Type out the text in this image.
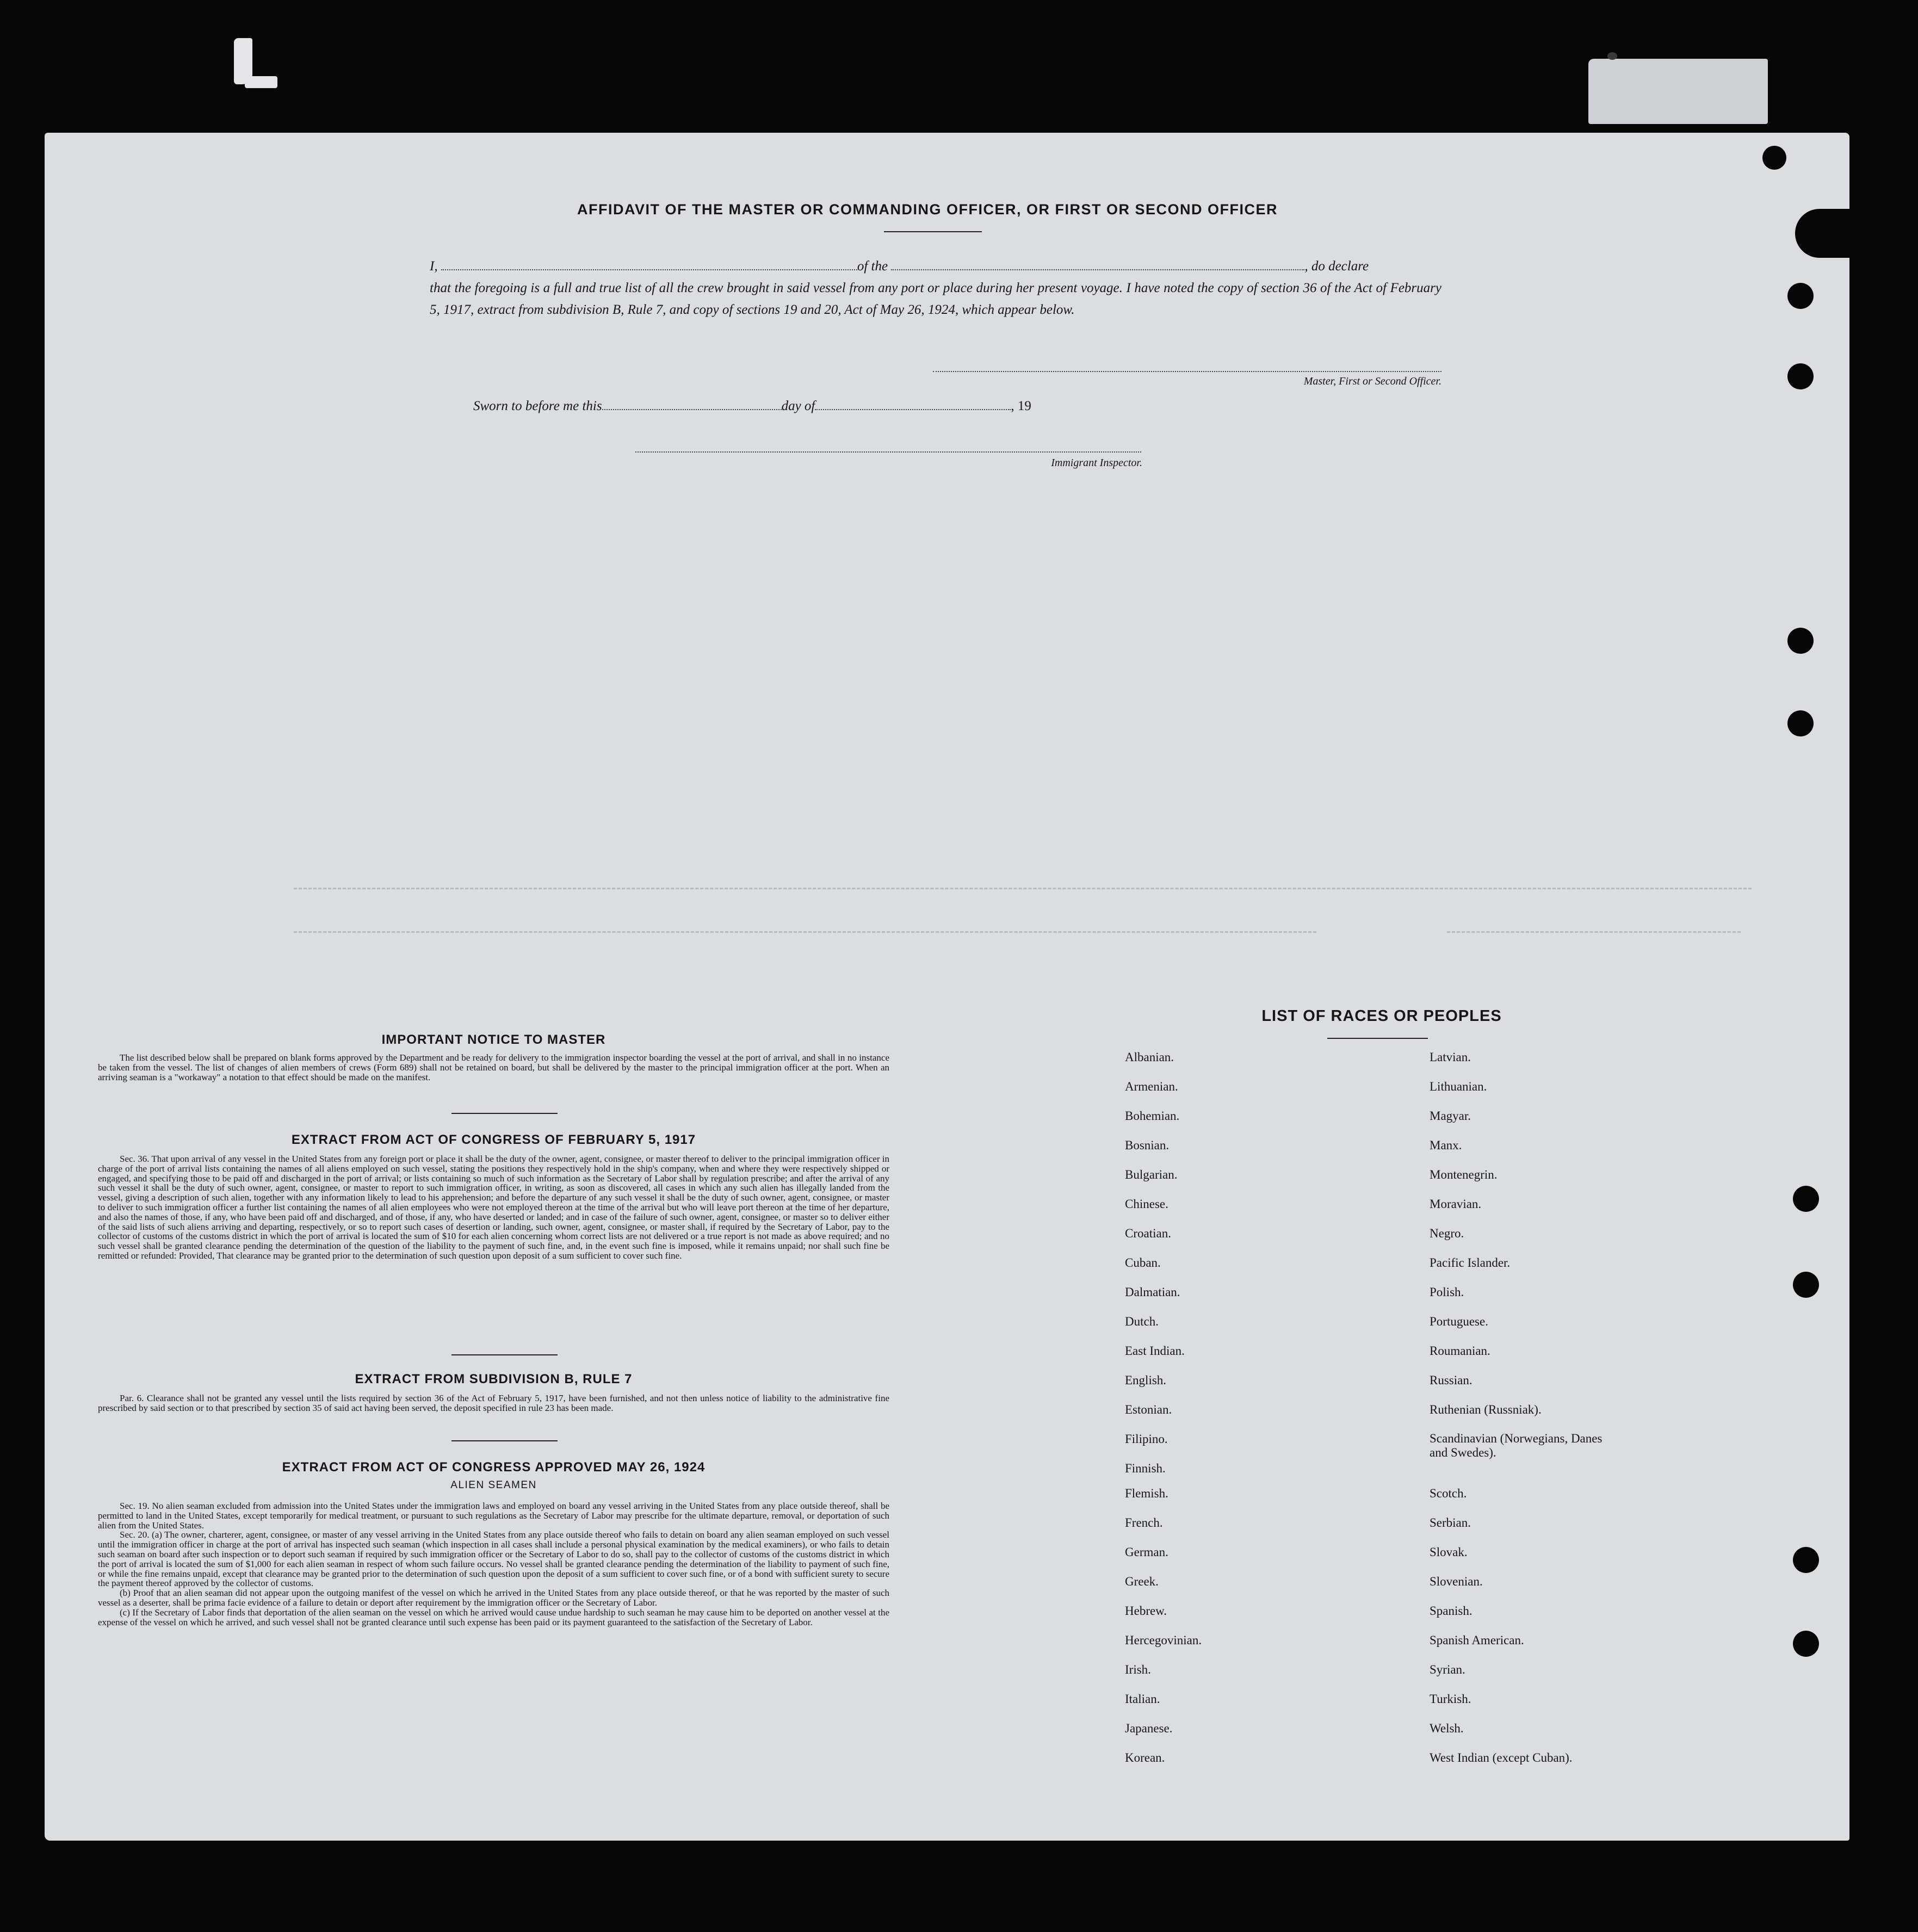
AFFIDAVIT OF THE MASTER OR COMMANDING OFFICER, OR FIRST OR SECOND OFFICER
I,	of the	, do declare
that the foregoing is a full and true list of all the crew brought in said vessel from any port or place during her present voyage. I have noted the copy of section 36 of the Act of February 5, 1917, extract from subdivision B, Rule 7, and copy of sections 19 and 20, Act of May 26, 1924, which appear below.
Master, First or Second Officer.
Sworn to before me this	day of	, 19
Immigrant Inspector.
IMPORTANT NOTICE TO MASTER

The list described below shall be prepared on blank forms approved by the Department and be ready for delivery to the immigration inspector boarding the vessel at the port of arrival, and shall in no instance be taken from the vessel. The list of changes of alien members of crews (Form 689) shall not be retained on board, but shall be delivered by the master to the principal immigration officer at the port. When an arriving seaman is a "workaway" a notation to that effect should be made on the manifest.

EXTRACT FROM ACT OF CONGRESS OF FEBRUARY 5, 1917

Sec. 36. That upon arrival of any vessel in the United States from any foreign port or place it shall be the duty of the owner, agent, consignee, or master thereof to deliver to the principal immigration officer in charge of the port of arrival lists containing the names of all aliens employed on such vessel, stating the positions they respectively hold in the ship's company, when and where they were respectively shipped or engaged, and specifying those to be paid off and discharged in the port of arrival; or lists containing so much of such information as the Secretary of Labor shall by regulation prescribe; and after the arrival of any such vessel it shall be the duty of such owner, agent, consignee, or master to report to such immigration officer, in writing, as soon as discovered, all cases in which any such alien has illegally landed from the vessel, giving a description of such alien, together with any information likely to lead to his apprehension; and before the departure of any such vessel it shall be the duty of such owner, agent, consignee, or master to deliver to such immigration officer a further list containing the names of all alien employees who were not employed thereon at the time of the arrival but who will leave port thereon at the time of her departure, and also the names of those, if any, who have been paid off and discharged, and of those, if any, who have deserted or landed; and in case of the failure of such owner, agent, consignee, or master so to deliver either of the said lists of such aliens arriving and departing, respectively, or so to report such cases of desertion or landing, such owner, agent, consignee, or master shall, if required by the Secretary of Labor, pay to the collector of customs of the customs district in which the port of arrival is located the sum of $10 for each alien concerning whom correct lists are not delivered or a true report is not made as above required; and no such vessel shall be granted clearance pending the determination of the question of the liability to the payment of such fine, and, in the event such fine is imposed, while it remains unpaid; nor shall such fine be remitted or refunded: Provided, That clearance may be granted prior to the determination of such question upon deposit of a sum sufficient to cover such fine.

EXTRACT FROM SUBDIVISION B, RULE 7

Par. 6. Clearance shall not be granted any vessel until the lists required by section 36 of the Act of February 5, 1917, have been furnished, and not then unless notice of liability to the administrative fine prescribed by said section or to that prescribed by section 35 of said act having been served, the deposit specified in rule 23 has been made.

EXTRACT FROM ACT OF CONGRESS APPROVED MAY 26, 1924
ALIEN SEAMEN

Sec. 19. No alien seaman excluded from admission into the United States under the immigration laws and employed on board any vessel arriving in the United States from any place outside thereof, shall be permitted to land in the United States, except temporarily for medical treatment, or pursuant to such regulations as the Secretary of Labor may prescribe for the ultimate departure, removal, or deportation of such alien from the United States.

Sec. 20. (a) The owner, charterer, agent, consignee, or master of any vessel arriving in the United States from any place outside thereof who fails to detain on board any alien seaman employed on such vessel until the immigration officer in charge at the port of arrival has inspected such seaman (which inspection in all cases shall include a personal physical examination by the medical examiners), or who fails to detain such seaman on board after such inspection or to deport such seaman if required by such immigration officer or the Secretary of Labor to do so, shall pay to the collector of customs of the customs district in which the port of arrival is located the sum of $1,000 for each alien seaman in respect of whom such failure occurs. No vessel shall be granted clearance pending the determination of the liability to payment of such fine, or while the fine remains unpaid, except that clearance may be granted prior to the determination of such question upon the deposit of a sum sufficient to cover such fine, or of a bond with sufficient surety to secure the payment thereof approved by the collector of customs.

(b) Proof that an alien seaman did not appear upon the outgoing manifest of the vessel on which he arrived in the United States from any place outside thereof, or that he was reported by the master of such vessel as a deserter, shall be prima facie evidence of a failure to detain or deport after requirement by the immigration officer or the Secretary of Labor.

(c) If the Secretary of Labor finds that deportation of the alien seaman on the vessel on which he arrived would cause undue hardship to such seaman he may cause him to be deported on another vessel at the expense of the vessel on which he arrived, and such vessel shall not be granted clearance until such expense has been paid or its payment guaranteed to the satisfaction of the Secretary of Labor.

LIST OF RACES OR PEOPLES
Albanian.
Armenian.
Bohemian.
Bosnian.
Bulgarian.
Chinese.
Croatian.
Cuban.
Dalmatian.
Dutch.
East Indian.
English.
Estonian.
Filipino.
Finnish.
Flemish.
French.
German.
Greek.
Hebrew.
Hercegovinian.
Irish.
Italian.
Japanese.
Korean.
Latvian.
Lithuanian.
Magyar.
Manx.
Montenegrin.
Moravian.
Negro.
Pacific Islander.
Polish.
Portuguese.
Roumanian.
Russian.
Ruthenian (Russniak).
Scandinavian (Norwegians, Danes and Swedes).
Scotch.
Serbian.
Slovak.
Slovenian.
Spanish.
Spanish American.
Syrian.
Turkish.
Welsh.
West Indian (except Cuban).
